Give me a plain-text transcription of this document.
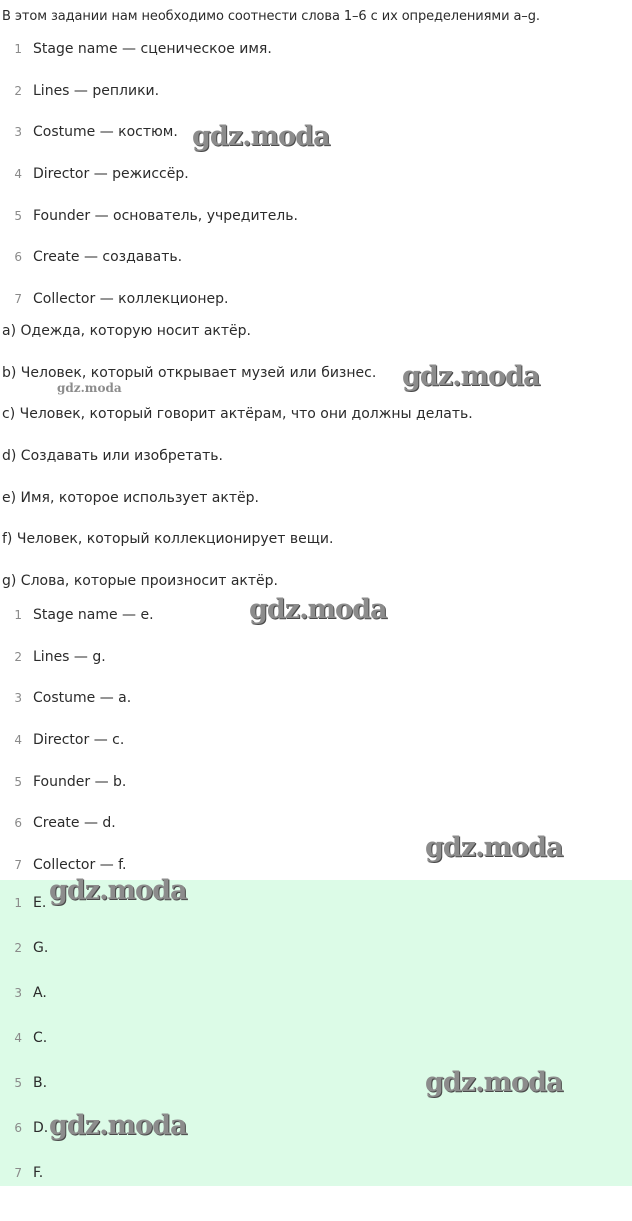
В этом задании нам необходимо соотнести слова 1–6 с их определениями a–g.
1 Stage name — сценическое имя.
2 Lines — реплики.
3 Costume — костюм.
4 Director — режиссёр.
5 Founder — основатель, учредитель.
6 Create — создавать.
7 Collector — коллекционер.
a) Одежда, которую носит актёр.
b) Человек, который открывает музей или бизнес.
c) Человек, который говорит актёрам, что они должны делать.
d) Создавать или изобретать.
e) Имя, которое использует актёр.
f) Человек, который коллекционирует вещи.
g) Слова, которые произносит актёр.
1 Stage name — e.
2 Lines — g.
3 Costume — a.
4 Director — c.
5 Founder — b.
6 Create — d.
7 Collector — f.
1 E.
2 G.
3 A.
4 C.
5 B.
6 D.
7 F.
gdz.moda
gdz.moda
gdz.moda
gdz.moda
gdz.moda
gdz.moda
gdz.moda
gdz.moda
